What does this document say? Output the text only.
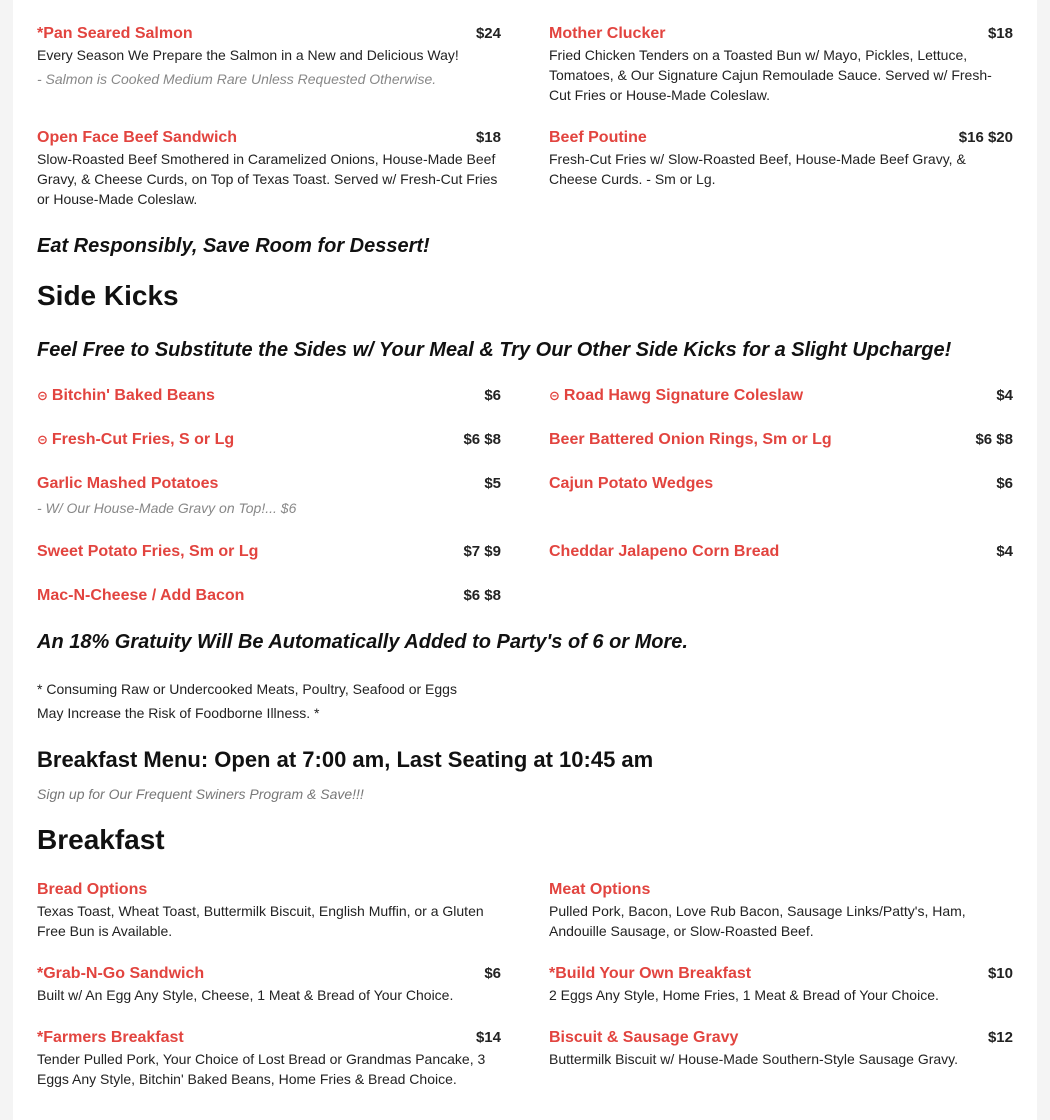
*Pan Seared Salmon	$24
Every Season We Prepare the Salmon in a New and Delicious Way!
- Salmon is Cooked Medium Rare Unless Requested Otherwise.
Mother Clucker	$18
Fried Chicken Tenders on a Toasted Bun w/ Mayo, Pickles, Lettuce, Tomatoes, & Our Signature Cajun Remoulade Sauce. Served w/ Fresh-Cut Fries or House-Made Coleslaw.
Open Face Beef Sandwich	$18
Slow-Roasted Beef Smothered in Caramelized Onions, House-Made Beef Gravy, & Cheese Curds, on Top of Texas Toast. Served w/ Fresh-Cut Fries or House-Made Coleslaw.
Beef Poutine	$16 $20
Fresh-Cut Fries w/ Slow-Roasted Beef, House-Made Beef Gravy, & Cheese Curds. - Sm or Lg.
Eat Responsibly, Save Room for Dessert!
Side Kicks
Feel Free to Substitute the Sides w/ Your Meal & Try Our Other Side Kicks for a Slight Upcharge!
⊝ Bitchin' Baked Beans	$6	⊝ Road Hawg Signature Coleslaw	$4
⊝ Fresh-Cut Fries, S or Lg	$6 $8	Beer Battered Onion Rings, Sm or Lg	$6 $8
Garlic Mashed Potatoes	$5
- W/ Our House-Made Gravy on Top!... $6
Cajun Potato Wedges	$6
Sweet Potato Fries, Sm or Lg	$7 $9	Cheddar Jalapeno Corn Bread	$4
Mac-N-Cheese / Add Bacon	$6 $8
An 18% Gratuity Will Be Automatically Added to Party's of 6 or More.
* Consuming Raw or Undercooked Meats, Poultry, Seafood or Eggs
May Increase the Risk of Foodborne Illness. *
Breakfast Menu: Open at 7:00 am, Last Seating at 10:45 am
Sign up for Our Frequent Swiners Program & Save!!!
Breakfast
Bread Options
Texas Toast, Wheat Toast, Buttermilk Biscuit, English Muffin, or a Gluten Free Bun is Available.
Meat Options
Pulled Pork, Bacon, Love Rub Bacon, Sausage Links/Patty's, Ham, Andouille Sausage, or Slow-Roasted Beef.
*Grab-N-Go Sandwich	$6
Built w/ An Egg Any Style, Cheese, 1 Meat & Bread of Your Choice.
*Build Your Own Breakfast	$10
2 Eggs Any Style, Home Fries, 1 Meat & Bread of Your Choice.
*Farmers Breakfast	$14
Tender Pulled Pork, Your Choice of Lost Bread or Grandmas Pancake, 3 Eggs Any Style, Bitchin' Baked Beans, Home Fries & Bread Choice.
Biscuit & Sausage Gravy	$12
Buttermilk Biscuit w/ House-Made Southern-Style Sausage Gravy.
